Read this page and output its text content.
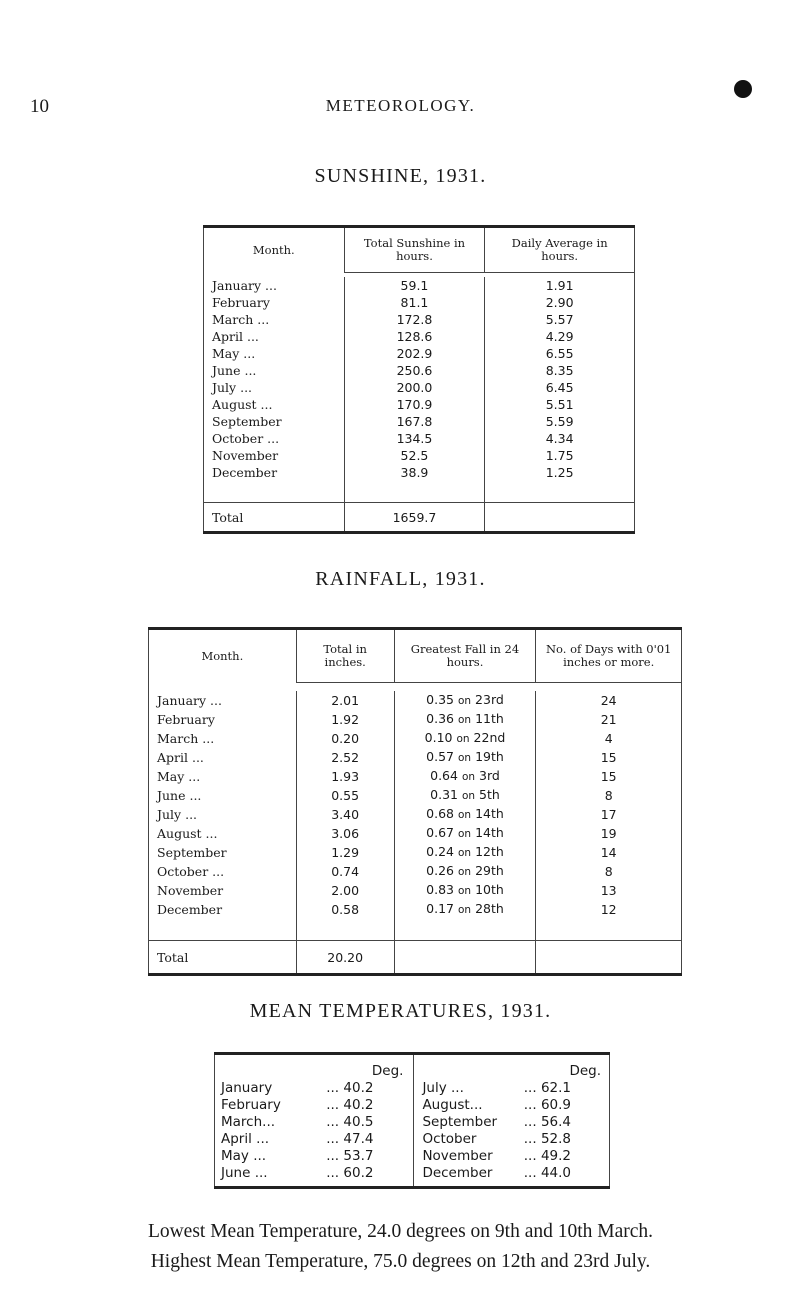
10	METEOROLOGY.
SUNSHINE, 1931.
Month.	Total Sunshine in hours.	Daily Average in hours.

January ...	59.1	1.91
February	81.1	2.90
March ...	172.8	5.57
April ...	128.6	4.29
May ...	202.9	6.55
June ...	250.6	8.35
July ...	200.0	6.45
August ...	170.9	5.51
September	167.8	5.59
October ...	134.5	4.34
November	52.5	1.75
December	38.9	1.25

Total	1659.7	
RAINFALL, 1931.
Month.	Total in inches.	Greatest Fall in 24 hours.	No. of Days with 0'01 inches or more.

January ...	2.01	0.35 on 23rd	24
February	1.92	0.36 on 11th	21
March ...	0.20	0.10 on 22nd	4
April ...	2.52	0.57 on 19th	15
May ...	1.93	0.64 on 3rd	15
June ...	0.55	0.31 on 5th	8
July ...	3.40	0.68 on 14th	17
August ...	3.06	0.67 on 14th	19
September	1.29	0.24 on 12th	14
October ...	0.74	0.26 on 29th	8
November	2.00	0.83 on 10th	13
December	0.58	0.17 on 28th	12

Total	20.20		
MEAN TEMPERATURES, 1931.
	Deg.		Deg.
January	... 40.2	July ...	... 62.1
February	... 40.2	August...	... 60.9
March...	... 40.5	September	... 56.4
April ...	... 47.4	October	... 52.8
May ...	... 53.7	November	... 49.2
June ...	... 60.2	December	... 44.0

Lowest Mean Temperature, 24.0 degrees on 9th and 10th March.
Highest Mean Temperature, 75.0 degrees on 12th and 23rd July.
